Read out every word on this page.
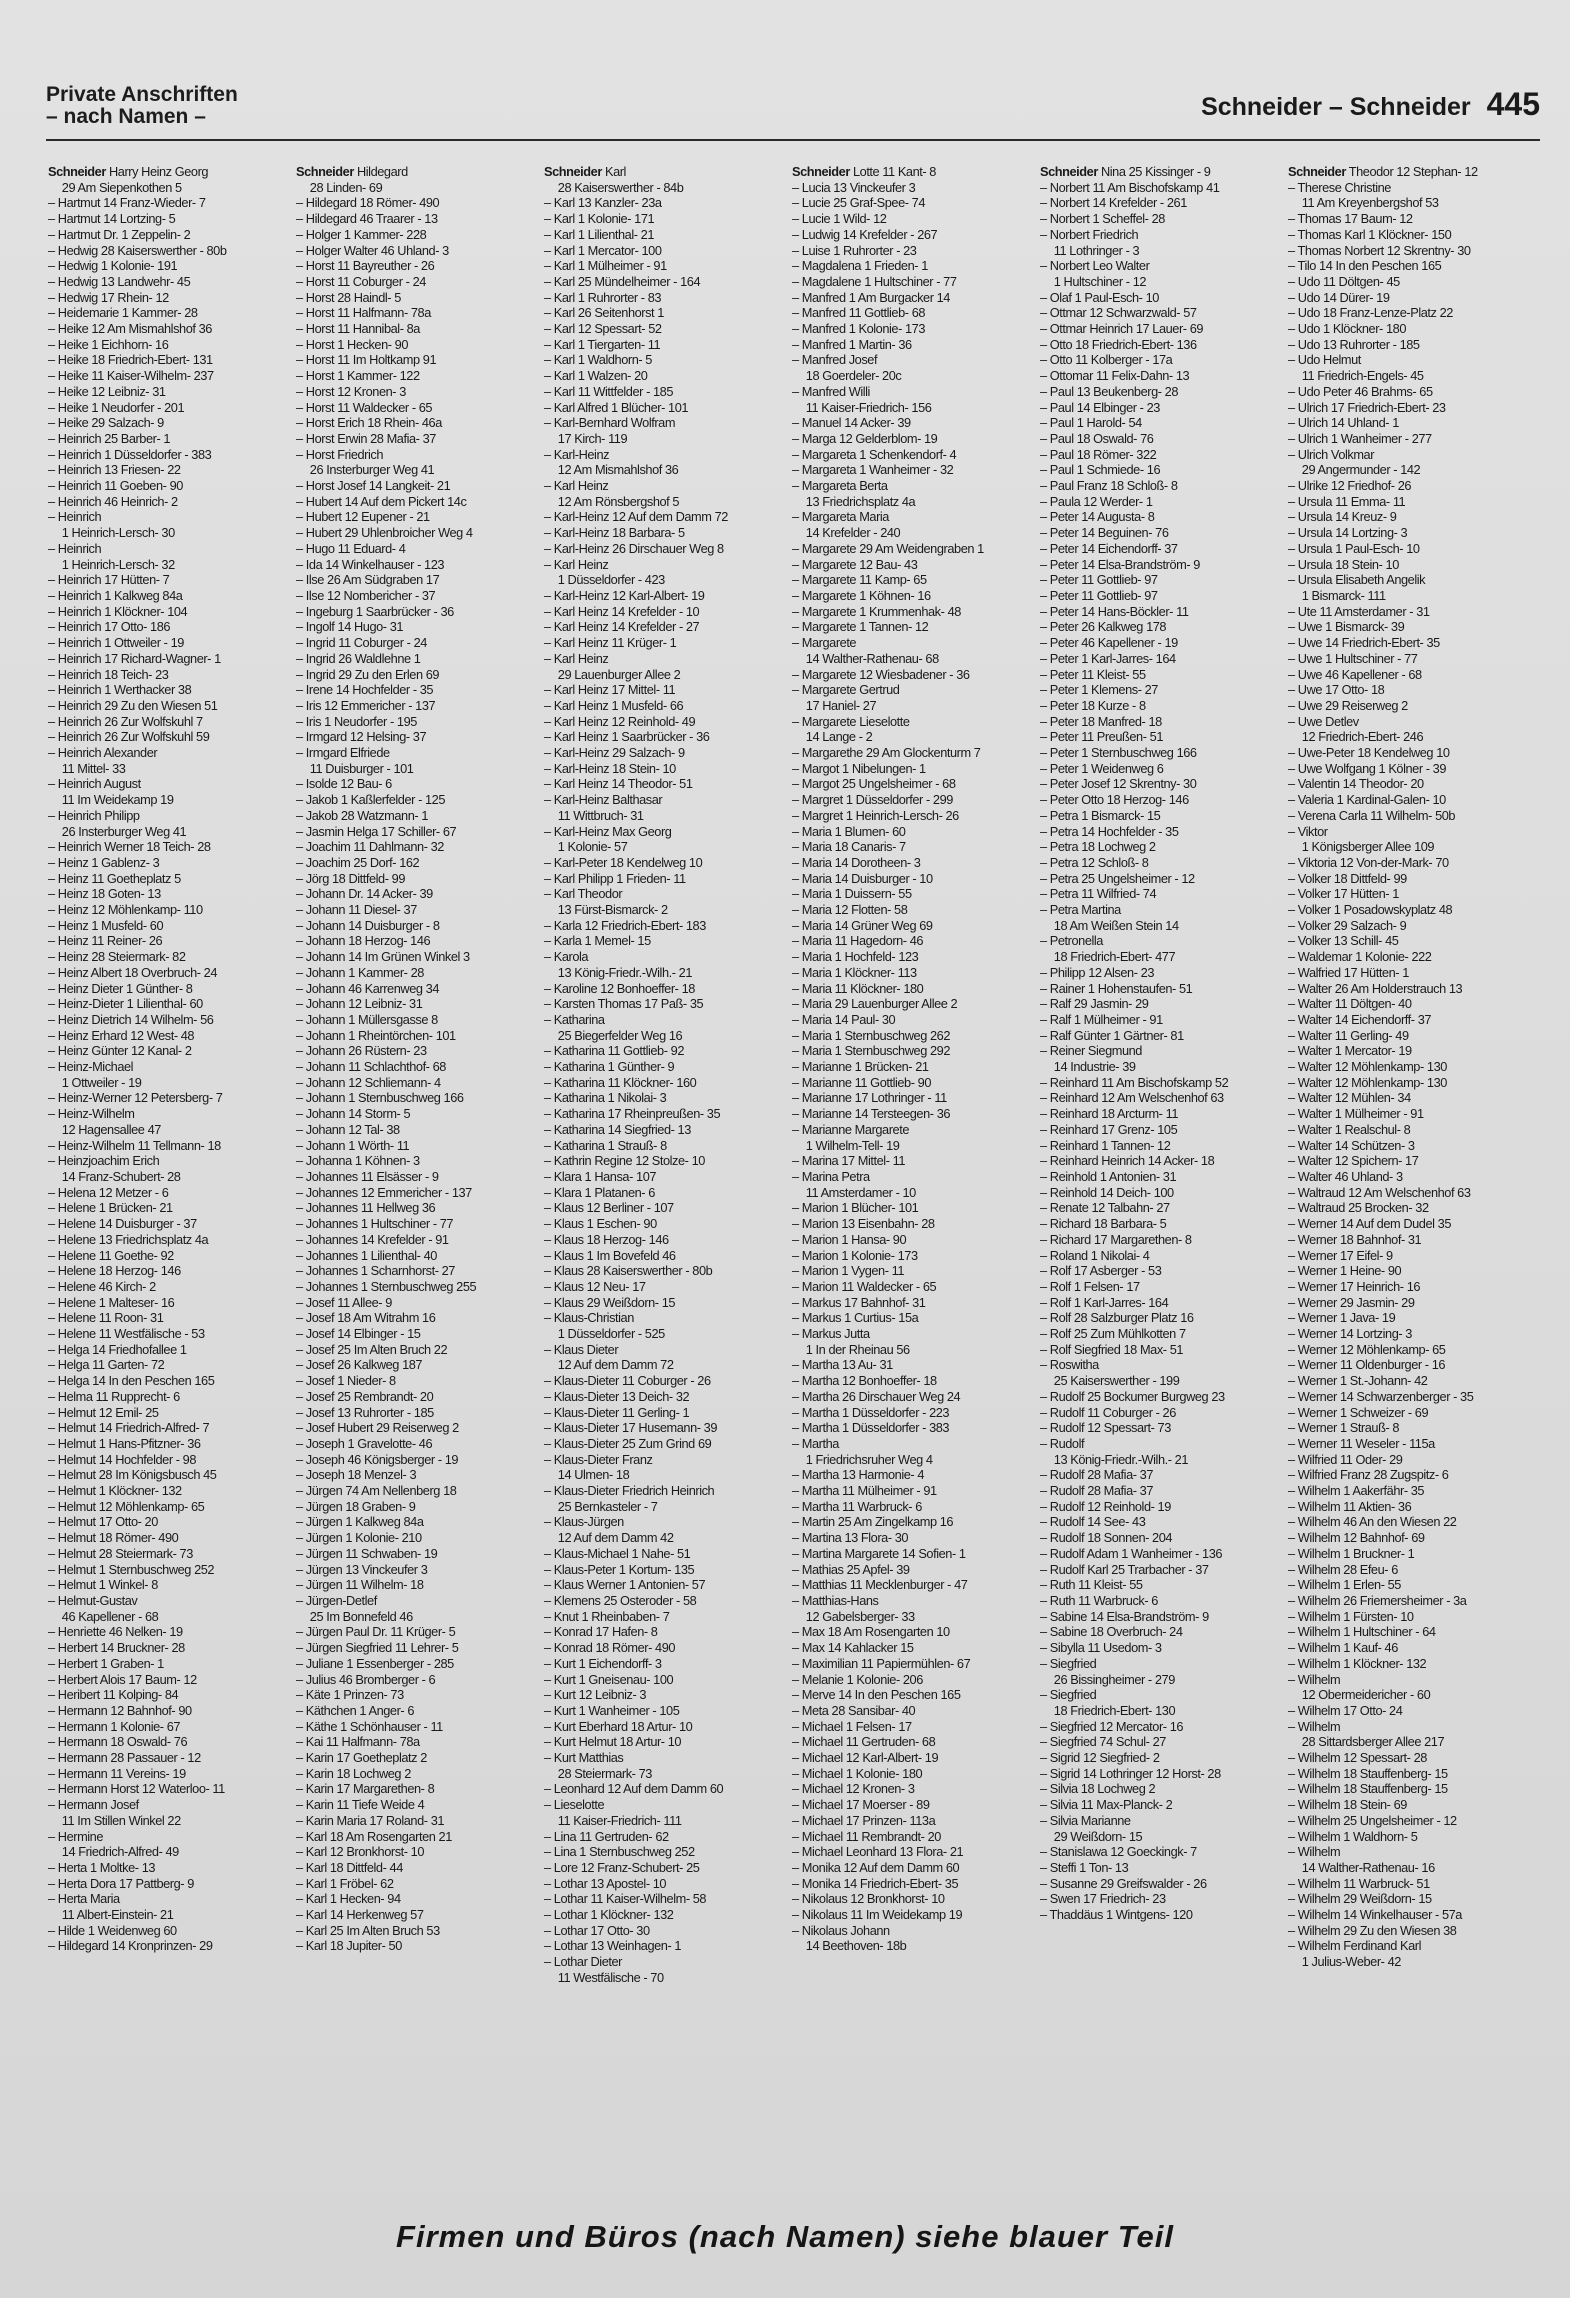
Private Anschriften
– nach Namen –	Schneider – Schneider 445
Schneider Harry Heinz Georg
29 Am Siepenkothen 5
– Hartmut 14 Franz-Wieder- 7
– Hartmut 14 Lortzing- 5
– Hartmut Dr. 1 Zeppelin- 2
– Hedwig 28 Kaiserswerther - 80b
– Hedwig 1 Kolonie- 191
– Hedwig 13 Landwehr- 45
– Hedwig 17 Rhein- 12
– Heidemarie 1 Kammer- 28
– Heike 12 Am Mismahlshof 36
– Heike 1 Eichhorn- 16
– Heike 18 Friedrich-Ebert- 131
– Heike 11 Kaiser-Wilhelm- 237
– Heike 12 Leibniz- 31
– Heike 1 Neudorfer - 201
– Heike 29 Salzach- 9
– Heinrich 25 Barber- 1
– Heinrich 1 Düsseldorfer - 383
– Heinrich 13 Friesen- 22
– Heinrich 11 Goeben- 90
– Heinrich 46 Heinrich- 2
– Heinrich
1 Heinrich-Lersch- 30
– Heinrich
1 Heinrich-Lersch- 32
– Heinrich 17 Hütten- 7
– Heinrich 1 Kalkweg 84a
– Heinrich 1 Klöckner- 104
– Heinrich 17 Otto- 186
– Heinrich 1 Ottweiler - 19
– Heinrich 17 Richard-Wagner- 1
– Heinrich 18 Teich- 23
– Heinrich 1 Werthacker 38
– Heinrich 29 Zu den Wiesen 51
– Heinrich 26 Zur Wolfskuhl 7
– Heinrich 26 Zur Wolfskuhl 59
– Heinrich Alexander
11 Mittel- 33
– Heinrich August
11 Im Weidekamp 19
– Heinrich Philipp
26 Insterburger Weg 41
– Heinrich Werner 18 Teich- 28
– Heinz 1 Gablenz- 3
– Heinz 11 Goetheplatz 5
– Heinz 18 Goten- 13
– Heinz 12 Möhlenkamp- 110
– Heinz 1 Musfeld- 60
– Heinz 11 Reiner- 26
– Heinz 28 Steiermark- 82
– Heinz Albert 18 Overbruch- 24
– Heinz Dieter 1 Günther- 8
– Heinz-Dieter 1 Lilienthal- 60
– Heinz Dietrich 14 Wilhelm- 56
– Heinz Erhard 12 West- 48
– Heinz Günter 12 Kanal- 2
– Heinz-Michael
1 Ottweiler - 19
– Heinz-Werner 12 Petersberg- 7
– Heinz-Wilhelm
12 Hagensallee 47
– Heinz-Wilhelm 11 Tellmann- 18
– Heinzjoachim Erich
14 Franz-Schubert- 28
– Helena 12 Metzer - 6
– Helene 1 Brücken- 21
– Helene 14 Duisburger - 37
– Helene 13 Friedrichsplatz 4a
– Helene 11 Goethe- 92
– Helene 18 Herzog- 146
– Helene 46 Kirch- 2
– Helene 1 Malteser- 16
– Helene 11 Roon- 31
– Helene 11 Westfälische - 53
– Helga 14 Friedhofallee 1
– Helga 11 Garten- 72
– Helga 14 In den Peschen 165
– Helma 11 Rupprecht- 6
– Helmut 12 Emil- 25
– Helmut 14 Friedrich-Alfred- 7
– Helmut 1 Hans-Pfitzner- 36
– Helmut 14 Hochfelder - 98
– Helmut 28 Im Königsbusch 45
– Helmut 1 Klöckner- 132
– Helmut 12 Möhlenkamp- 65
– Helmut 17 Otto- 20
– Helmut 18 Römer- 490
– Helmut 28 Steiermark- 73
– Helmut 1 Sternbuschweg 252
– Helmut 1 Winkel- 8
– Helmut-Gustav
46 Kapellener - 68
– Henriette 46 Nelken- 19
– Herbert 14 Bruckner- 28
– Herbert 1 Graben- 1
– Herbert Alois 17 Baum- 12
– Heribert 11 Kolping- 84
– Hermann 12 Bahnhof- 90
– Hermann 1 Kolonie- 67
– Hermann 18 Oswald- 76
– Hermann 28 Passauer - 12
– Hermann 11 Vereins- 19
– Hermann Horst 12 Waterloo- 11
– Hermann Josef
11 Im Stillen Winkel 22
– Hermine
14 Friedrich-Alfred- 49
– Herta 1 Moltke- 13
– Herta Dora 17 Pattberg- 9
– Herta Maria
11 Albert-Einstein- 21
– Hilde 1 Weidenweg 60
– Hildegard 14 Kronprinzen- 29
Schneider Hildegard
28 Linden- 69
– Hildegard 18 Römer- 490
– Hildegard 46 Traarer - 13
– Holger 1 Kammer- 228
– Holger Walter 46 Uhland- 3
– Horst 11 Bayreuther - 26
– Horst 11 Coburger - 24
– Horst 28 Haindl- 5
– Horst 11 Halfmann- 78a
– Horst 11 Hannibal- 8a
– Horst 1 Hecken- 90
– Horst 11 Im Holtkamp 91
– Horst 1 Kammer- 122
– Horst 12 Kronen- 3
– Horst 11 Waldecker - 65
– Horst Erich 18 Rhein- 46a
– Horst Erwin 28 Mafia- 37
– Horst Friedrich
26 Insterburger Weg 41
– Horst Josef 14 Langkeit- 21
– Hubert 14 Auf dem Pickert 14c
– Hubert 12 Eupener - 21
– Hubert 29 Uhlenbroicher Weg 4
– Hugo 11 Eduard- 4
– Ida 14 Winkelhauser - 123
– Ilse 26 Am Südgraben 17
– Ilse 12 Nombericher - 37
– Ingeburg 1 Saarbrücker - 36
– Ingolf 14 Hugo- 31
– Ingrid 11 Coburger - 24
– Ingrid 26 Waldlehne 1
– Ingrid 29 Zu den Erlen 69
– Irene 14 Hochfelder - 35
– Iris 12 Emmericher - 137
– Iris 1 Neudorfer - 195
– Irmgard 12 Helsing- 37
– Irmgard Elfriede
11 Duisburger - 101
– Isolde 12 Bau- 6
– Jakob 1 Kaßlerfelder - 125
– Jakob 28 Watzmann- 1
– Jasmin Helga 17 Schiller- 67
– Joachim 11 Dahlmann- 32
– Joachim 25 Dorf- 162
– Jörg 18 Dittfeld- 99
– Johann Dr. 14 Acker- 39
– Johann 11 Diesel- 37
– Johann 14 Duisburger - 8
– Johann 18 Herzog- 146
– Johann 14 Im Grünen Winkel 3
– Johann 1 Kammer- 28
– Johann 46 Karrenweg 34
– Johann 12 Leibniz- 31
– Johann 1 Müllersgasse 8
– Johann 1 Rheintörchen- 101
– Johann 26 Rüstern- 23
– Johann 11 Schlachthof- 68
– Johann 12 Schliemann- 4
– Johann 1 Sternbuschweg 166
– Johann 14 Storm- 5
– Johann 12 Tal- 38
– Johann 1 Wörth- 11
– Johanna 1 Köhnen- 3
– Johannes 11 Elsässer - 9
– Johannes 12 Emmericher - 137
– Johannes 11 Hellweg 36
– Johannes 1 Hultschiner - 77
– Johannes 14 Krefelder - 91
– Johannes 1 Lilienthal- 40
– Johannes 1 Scharnhorst- 27
– Johannes 1 Sternbuschweg 255
– Josef 11 Allee- 9
– Josef 18 Am Witrahm 16
– Josef 14 Elbinger - 15
– Josef 25 Im Alten Bruch 22
– Josef 26 Kalkweg 187
– Josef 1 Nieder- 8
– Josef 25 Rembrandt- 20
– Josef 13 Ruhrorter - 185
– Josef Hubert 29 Reiserweg 2
– Joseph 1 Gravelotte- 46
– Joseph 46 Königsberger - 19
– Joseph 18 Menzel- 3
– Jürgen 74 Am Nellenberg 18
– Jürgen 18 Graben- 9
– Jürgen 1 Kalkweg 84a
– Jürgen 1 Kolonie- 210
– Jürgen 11 Schwaben- 19
– Jürgen 13 Vinckeufer 3
– Jürgen 11 Wilhelm- 18
– Jürgen-Detlef
25 Im Bonnefeld 46
– Jürgen Paul Dr. 11 Krüger- 5
– Jürgen Siegfried 11 Lehrer- 5
– Juliane 1 Essenberger - 285
– Julius 46 Bromberger - 6
– Käte 1 Prinzen- 73
– Käthchen 1 Anger- 6
– Käthe 1 Schönhauser - 11
– Kai 11 Halfmann- 78a
– Karin 17 Goetheplatz 2
– Karin 18 Lochweg 2
– Karin 17 Margarethen- 8
– Karin 11 Tiefe Weide 4
– Karin Maria 17 Roland- 31
– Karl 18 Am Rosengarten 21
– Karl 12 Bronkhorst- 10
– Karl 18 Dittfeld- 44
– Karl 1 Fröbel- 62
– Karl 1 Hecken- 94
– Karl 14 Herkenweg 57
– Karl 25 Im Alten Bruch 53
– Karl 18 Jupiter- 50
Schneider Karl
28 Kaiserswerther - 84b
– Karl 13 Kanzler- 23a
– Karl 1 Kolonie- 171
– Karl 1 Lilienthal- 21
– Karl 1 Mercator- 100
– Karl 1 Mülheimer - 91
– Karl 25 Mündelheimer - 164
– Karl 1 Ruhrorter - 83
– Karl 26 Seitenhorst 1
– Karl 12 Spessart- 52
– Karl 1 Tiergarten- 11
– Karl 1 Waldhorn- 5
– Karl 1 Walzen- 20
– Karl 11 Wittfelder - 185
– Karl Alfred 1 Blücher- 101
– Karl-Bernhard Wolfram
17 Kirch- 119
– Karl-Heinz
12 Am Mismahlshof 36
– Karl Heinz
12 Am Rönsbergshof 5
– Karl-Heinz 12 Auf dem Damm 72
– Karl-Heinz 18 Barbara- 5
– Karl-Heinz 26 Dirschauer Weg 8
– Karl Heinz
1 Düsseldorfer - 423
– Karl-Heinz 12 Karl-Albert- 19
– Karl Heinz 14 Krefelder - 10
– Karl Heinz 14 Krefelder - 27
– Karl Heinz 11 Krüger- 1
– Karl Heinz
29 Lauenburger Allee 2
– Karl Heinz 17 Mittel- 11
– Karl Heinz 1 Musfeld- 66
– Karl Heinz 12 Reinhold- 49
– Karl Heinz 1 Saarbrücker - 36
– Karl-Heinz 29 Salzach- 9
– Karl-Heinz 18 Stein- 10
– Karl Heinz 14 Theodor- 51
– Karl-Heinz Balthasar
11 Wittbruch- 31
– Karl-Heinz Max Georg
1 Kolonie- 57
– Karl-Peter 18 Kendelweg 10
– Karl Philipp 1 Frieden- 11
– Karl Theodor
13 Fürst-Bismarck- 2
– Karla 12 Friedrich-Ebert- 183
– Karla 1 Memel- 15
– Karola
13 König-Friedr.-Wilh.- 21
– Karoline 12 Bonhoeffer- 18
– Karsten Thomas 17 Paß- 35
– Katharina
25 Biegerfelder Weg 16
– Katharina 11 Gottlieb- 92
– Katharina 1 Günther- 9
– Katharina 11 Klöckner- 160
– Katharina 1 Nikolai- 3
– Katharina 17 Rheinpreußen- 35
– Katharina 14 Siegfried- 13
– Katharina 1 Strauß- 8
– Kathrin Regine 12 Stolze- 10
– Klara 1 Hansa- 107
– Klara 1 Platanen- 6
– Klaus 12 Berliner - 107
– Klaus 1 Eschen- 90
– Klaus 18 Herzog- 146
– Klaus 1 Im Bovefeld 46
– Klaus 28 Kaiserswerther - 80b
– Klaus 12 Neu- 17
– Klaus 29 Weißdorn- 15
– Klaus-Christian
1 Düsseldorfer - 525
– Klaus Dieter
12 Auf dem Damm 72
– Klaus-Dieter 11 Coburger - 26
– Klaus-Dieter 13 Deich- 32
– Klaus-Dieter 11 Gerling- 1
– Klaus-Dieter 17 Husemann- 39
– Klaus-Dieter 25 Zum Grind 69
– Klaus-Dieter Franz
14 Ulmen- 18
– Klaus-Dieter Friedrich Heinrich
25 Bernkasteler - 7
– Klaus-Jürgen
12 Auf dem Damm 42
– Klaus-Michael 1 Nahe- 51
– Klaus-Peter 1 Kortum- 135
– Klaus Werner 1 Antonien- 57
– Klemens 25 Osteroder - 58
– Knut 1 Rheinbaben- 7
– Konrad 17 Hafen- 8
– Konrad 18 Römer- 490
– Kurt 1 Eichendorff- 3
– Kurt 1 Gneisenau- 100
– Kurt 12 Leibniz- 3
– Kurt 1 Wanheimer - 105
– Kurt Eberhard 18 Artur- 10
– Kurt Helmut 18 Artur- 10
– Kurt Matthias
28 Steiermark- 73
– Leonhard 12 Auf dem Damm 60
– Lieselotte
11 Kaiser-Friedrich- 111
– Lina 11 Gertruden- 62
– Lina 1 Sternbuschweg 252
– Lore 12 Franz-Schubert- 25
– Lothar 13 Apostel- 10
– Lothar 11 Kaiser-Wilhelm- 58
– Lothar 1 Klöckner- 132
– Lothar 17 Otto- 30
– Lothar 13 Weinhagen- 1
– Lothar Dieter
11 Westfälische - 70
Schneider Lotte 11 Kant- 8
– Lucia 13 Vinckeufer 3
– Lucie 25 Graf-Spee- 74
– Lucie 1 Wild- 12
– Ludwig 14 Krefelder - 267
– Luise 1 Ruhrorter - 23
– Magdalena 1 Frieden- 1
– Magdalene 1 Hultschiner - 77
– Manfred 1 Am Burgacker 14
– Manfred 11 Gottlieb- 68
– Manfred 1 Kolonie- 173
– Manfred 1 Martin- 36
– Manfred Josef
18 Goerdeler- 20c
– Manfred Willi
11 Kaiser-Friedrich- 156
– Manuel 14 Acker- 39
– Marga 12 Gelderblom- 19
– Margareta 1 Schenkendorf- 4
– Margareta 1 Wanheimer - 32
– Margareta Berta
13 Friedrichsplatz 4a
– Margareta Maria
14 Krefelder - 240
– Margarete 29 Am Weidengraben 1
– Margarete 12 Bau- 43
– Margarete 11 Kamp- 65
– Margarete 1 Köhnen- 16
– Margarete 1 Krummenhak- 48
– Margarete 1 Tannen- 12
– Margarete
14 Walther-Rathenau- 68
– Margarete 12 Wiesbadener - 36
– Margarete Gertrud
17 Haniel- 27
– Margarete Lieselotte
14 Lange - 2
– Margarethe 29 Am Glockenturm 7
– Margot 1 Nibelungen- 1
– Margot 25 Ungelsheimer - 68
– Margret 1 Düsseldorfer - 299
– Margret 1 Heinrich-Lersch- 26
– Maria 1 Blumen- 60
– Maria 18 Canaris- 7
– Maria 14 Dorotheen- 3
– Maria 14 Duisburger - 10
– Maria 1 Duissern- 55
– Maria 12 Flotten- 58
– Maria 14 Grüner Weg 69
– Maria 11 Hagedorn- 46
– Maria 1 Hochfeld- 123
– Maria 1 Klöckner- 113
– Maria 11 Klöckner- 180
– Maria 29 Lauenburger Allee 2
– Maria 14 Paul- 30
– Maria 1 Sternbuschweg 262
– Maria 1 Sternbuschweg 292
– Marianne 1 Brücken- 21
– Marianne 11 Gottlieb- 90
– Marianne 17 Lothringer - 11
– Marianne 14 Tersteegen- 36
– Marianne Margarete
1 Wilhelm-Tell- 19
– Marina 17 Mittel- 11
– Marina Petra
11 Amsterdamer - 10
– Marion 1 Blücher- 101
– Marion 13 Eisenbahn- 28
– Marion 1 Hansa- 90
– Marion 1 Kolonie- 173
– Marion 1 Vygen- 11
– Marion 11 Waldecker - 65
– Markus 17 Bahnhof- 31
– Markus 1 Curtius- 15a
– Markus Jutta
1 In der Rheinau 56
– Martha 13 Au- 31
– Martha 12 Bonhoeffer- 18
– Martha 26 Dirschauer Weg 24
– Martha 1 Düsseldorfer - 223
– Martha 1 Düsseldorfer - 383
– Martha
1 Friedrichsruher Weg 4
– Martha 13 Harmonie- 4
– Martha 11 Mülheimer - 91
– Martha 11 Warbruck- 6
– Martin 25 Am Zingelkamp 16
– Martina 13 Flora- 30
– Martina Margarete 14 Sofien- 1
– Mathias 25 Apfel- 39
– Matthias 11 Mecklenburger - 47
– Matthias-Hans
12 Gabelsberger- 33
– Max 18 Am Rosengarten 10
– Max 14 Kahlacker 15
– Maximilian 11 Papiermühlen- 67
– Melanie 1 Kolonie- 206
– Merve 14 In den Peschen 165
– Meta 28 Sansibar- 40
– Michael 1 Felsen- 17
– Michael 11 Gertruden- 68
– Michael 12 Karl-Albert- 19
– Michael 1 Kolonie- 180
– Michael 12 Kronen- 3
– Michael 17 Moerser - 89
– Michael 17 Prinzen- 113a
– Michael 11 Rembrandt- 20
– Michael Leonhard 13 Flora- 21
– Monika 12 Auf dem Damm 60
– Monika 14 Friedrich-Ebert- 35
– Nikolaus 12 Bronkhorst- 10
– Nikolaus 11 Im Weidekamp 19
– Nikolaus Johann
14 Beethoven- 18b
Schneider Nina 25 Kissinger - 9
– Norbert 11 Am Bischofskamp 41
– Norbert 14 Krefelder - 261
– Norbert 1 Scheffel- 28
– Norbert Friedrich
11 Lothringer - 3
– Norbert Leo Walter
1 Hultschiner - 12
– Olaf 1 Paul-Esch- 10
– Ottmar 12 Schwarzwald- 57
– Ottmar Heinrich 17 Lauer- 69
– Otto 18 Friedrich-Ebert- 136
– Otto 11 Kolberger - 17a
– Ottomar 11 Felix-Dahn- 13
– Paul 13 Beukenberg- 28
– Paul 14 Elbinger - 23
– Paul 1 Harold- 54
– Paul 18 Oswald- 76
– Paul 18 Römer- 322
– Paul 1 Schmiede- 16
– Paul Franz 18 Schloß- 8
– Paula 12 Werder- 1
– Peter 14 Augusta- 8
– Peter 14 Beguinen- 76
– Peter 14 Eichendorff- 37
– Peter 14 Elsa-Brandström- 9
– Peter 11 Gottlieb- 97
– Peter 11 Gottlieb- 97
– Peter 14 Hans-Böckler- 11
– Peter 26 Kalkweg 178
– Peter 46 Kapellener - 19
– Peter 1 Karl-Jarres- 164
– Peter 11 Kleist- 55
– Peter 1 Klemens- 27
– Peter 18 Kurze - 8
– Peter 18 Manfred- 18
– Peter 11 Preußen- 51
– Peter 1 Sternbuschweg 166
– Peter 1 Weidenweg 6
– Peter Josef 12 Skrentny- 30
– Peter Otto 18 Herzog- 146
– Petra 1 Bismarck- 15
– Petra 14 Hochfelder - 35
– Petra 18 Lochweg 2
– Petra 12 Schloß- 8
– Petra 25 Ungelsheimer - 12
– Petra 11 Wilfried- 74
– Petra Martina
18 Am Weißen Stein 14
– Petronella
18 Friedrich-Ebert- 477
– Philipp 12 Alsen- 23
– Rainer 1 Hohenstaufen- 51
– Ralf 29 Jasmin- 29
– Ralf 1 Mülheimer - 91
– Ralf Günter 1 Gärtner- 81
– Reiner Siegmund
14 Industrie- 39
– Reinhard 11 Am Bischofskamp 52
– Reinhard 12 Am Welschenhof 63
– Reinhard 18 Arcturm- 11
– Reinhard 17 Grenz- 105
– Reinhard 1 Tannen- 12
– Reinhard Heinrich 14 Acker- 18
– Reinhold 1 Antonien- 31
– Reinhold 14 Deich- 100
– Renate 12 Talbahn- 27
– Richard 18 Barbara- 5
– Richard 17 Margarethen- 8
– Roland 1 Nikolai- 4
– Rolf 17 Asberger - 53
– Rolf 1 Felsen- 17
– Rolf 1 Karl-Jarres- 164
– Rolf 28 Salzburger Platz 16
– Rolf 25 Zum Mühlkotten 7
– Rolf Siegfried 18 Max- 51
– Roswitha
25 Kaiserswerther - 199
– Rudolf 25 Bockumer Burgweg 23
– Rudolf 11 Coburger - 26
– Rudolf 12 Spessart- 73
– Rudolf
13 König-Friedr.-Wilh.- 21
– Rudolf 28 Mafia- 37
– Rudolf 28 Mafia- 37
– Rudolf 12 Reinhold- 19
– Rudolf 14 See- 43
– Rudolf 18 Sonnen- 204
– Rudolf Adam 1 Wanheimer - 136
– Rudolf Karl 25 Trarbacher - 37
– Ruth 11 Kleist- 55
– Ruth 11 Warbruck- 6
– Sabine 14 Elsa-Brandström- 9
– Sabine 18 Overbruch- 24
– Sibylla 11 Usedom- 3
– Siegfried
26 Bissingheimer - 279
– Siegfried
18 Friedrich-Ebert- 130
– Siegfried 12 Mercator- 16
– Siegfried 74 Schul- 27
– Sigrid 12 Siegfried- 2
– Sigrid 14 Lothringer 12 Horst- 28
– Silvia 18 Lochweg 2
– Silvia 11 Max-Planck- 2
– Silvia Marianne
29 Weißdorn- 15
– Stanislawa 12 Goeckingk- 7
– Steffi 1 Ton- 13
– Susanne 29 Greifswalder - 26
– Swen 17 Friedrich- 23
– Thaddäus 1 Wintgens- 120
Schneider Theodor 12 Stephan- 12
– Therese Christine
11 Am Kreyenbergshof 53
– Thomas 17 Baum- 12
– Thomas Karl 1 Klöckner- 150
– Thomas Norbert 12 Skrentny- 30
– Tilo 14 In den Peschen 165
– Udo 11 Döltgen- 45
– Udo 14 Dürer- 19
– Udo 18 Franz-Lenze-Platz 22
– Udo 1 Klöckner- 180
– Udo 13 Ruhrorter - 185
– Udo Helmut
11 Friedrich-Engels- 45
– Udo Peter 46 Brahms- 65
– Ulrich 17 Friedrich-Ebert- 23
– Ulrich 14 Uhland- 1
– Ulrich 1 Wanheimer - 277
– Ulrich Volkmar
29 Angermunder - 142
– Ulrike 12 Friedhof- 26
– Ursula 11 Emma- 11
– Ursula 14 Kreuz- 9
– Ursula 14 Lortzing- 3
– Ursula 1 Paul-Esch- 10
– Ursula 18 Stein- 10
– Ursula Elisabeth Angelik
1 Bismarck- 111
– Ute 11 Amsterdamer - 31
– Uwe 1 Bismarck- 39
– Uwe 14 Friedrich-Ebert- 35
– Uwe 1 Hultschiner - 77
– Uwe 46 Kapellener - 68
– Uwe 17 Otto- 18
– Uwe 29 Reiserweg 2
– Uwe Detlev
12 Friedrich-Ebert- 246
– Uwe-Peter 18 Kendelweg 10
– Uwe Wolfgang 1 Kölner - 39
– Valentin 14 Theodor- 20
– Valeria 1 Kardinal-Galen- 10
– Verena Carla 11 Wilhelm- 50b
– Viktor
1 Königsberger Allee 109
– Viktoria 12 Von-der-Mark- 70
– Volker 18 Dittfeld- 99
– Volker 17 Hütten- 1
– Volker 1 Posadowskyplatz 48
– Volker 29 Salzach- 9
– Volker 13 Schill- 45
– Waldemar 1 Kolonie- 222
– Walfried 17 Hütten- 1
– Walter 26 Am Holderstrauch 13
– Walter 11 Döltgen- 40
– Walter 14 Eichendorff- 37
– Walter 11 Gerling- 49
– Walter 1 Mercator- 19
– Walter 12 Möhlenkamp- 130
– Walter 12 Möhlenkamp- 130
– Walter 12 Mühlen- 34
– Walter 1 Mülheimer - 91
– Walter 1 Realschul- 8
– Walter 14 Schützen- 3
– Walter 12 Spichern- 17
– Walter 46 Uhland- 3
– Waltraud 12 Am Welschenhof 63
– Waltraud 25 Brocken- 32
– Werner 14 Auf dem Dudel 35
– Werner 18 Bahnhof- 31
– Werner 17 Eifel- 9
– Werner 1 Heine- 90
– Werner 17 Heinrich- 16
– Werner 29 Jasmin- 29
– Werner 1 Java- 19
– Werner 14 Lortzing- 3
– Werner 12 Möhlenkamp- 65
– Werner 11 Oldenburger - 16
– Werner 1 St.-Johann- 42
– Werner 14 Schwarzenberger - 35
– Werner 1 Schweizer - 69
– Werner 1 Strauß- 8
– Werner 11 Weseler - 115a
– Wilfried 11 Oder- 29
– Wilfried Franz 28 Zugspitz- 6
– Wilhelm 1 Aakerfähr- 35
– Wilhelm 11 Aktien- 36
– Wilhelm 46 An den Wiesen 22
– Wilhelm 12 Bahnhof- 69
– Wilhelm 1 Bruckner- 1
– Wilhelm 28 Efeu- 6
– Wilhelm 1 Erlen- 55
– Wilhelm 26 Friemersheimer - 3a
– Wilhelm 1 Fürsten- 10
– Wilhelm 1 Hultschiner - 64
– Wilhelm 1 Kauf- 46
– Wilhelm 1 Klöckner- 132
– Wilhelm
12 Obermeidericher - 60
– Wilhelm 17 Otto- 24
– Wilhelm
28 Sittardsberger Allee 217
– Wilhelm 12 Spessart- 28
– Wilhelm 18 Stauffenberg- 15
– Wilhelm 18 Stauffenberg- 15
– Wilhelm 18 Stein- 69
– Wilhelm 25 Ungelsheimer - 12
– Wilhelm 1 Waldhorn- 5
– Wilhelm
14 Walther-Rathenau- 16
– Wilhelm 11 Warbruck- 51
– Wilhelm 29 Weißdorn- 15
– Wilhelm 14 Winkelhauser - 57a
– Wilhelm 29 Zu den Wiesen 38
– Wilhelm Ferdinand Karl
1 Julius-Weber- 42
Firmen und Büros (nach Namen) siehe blauer Teil
